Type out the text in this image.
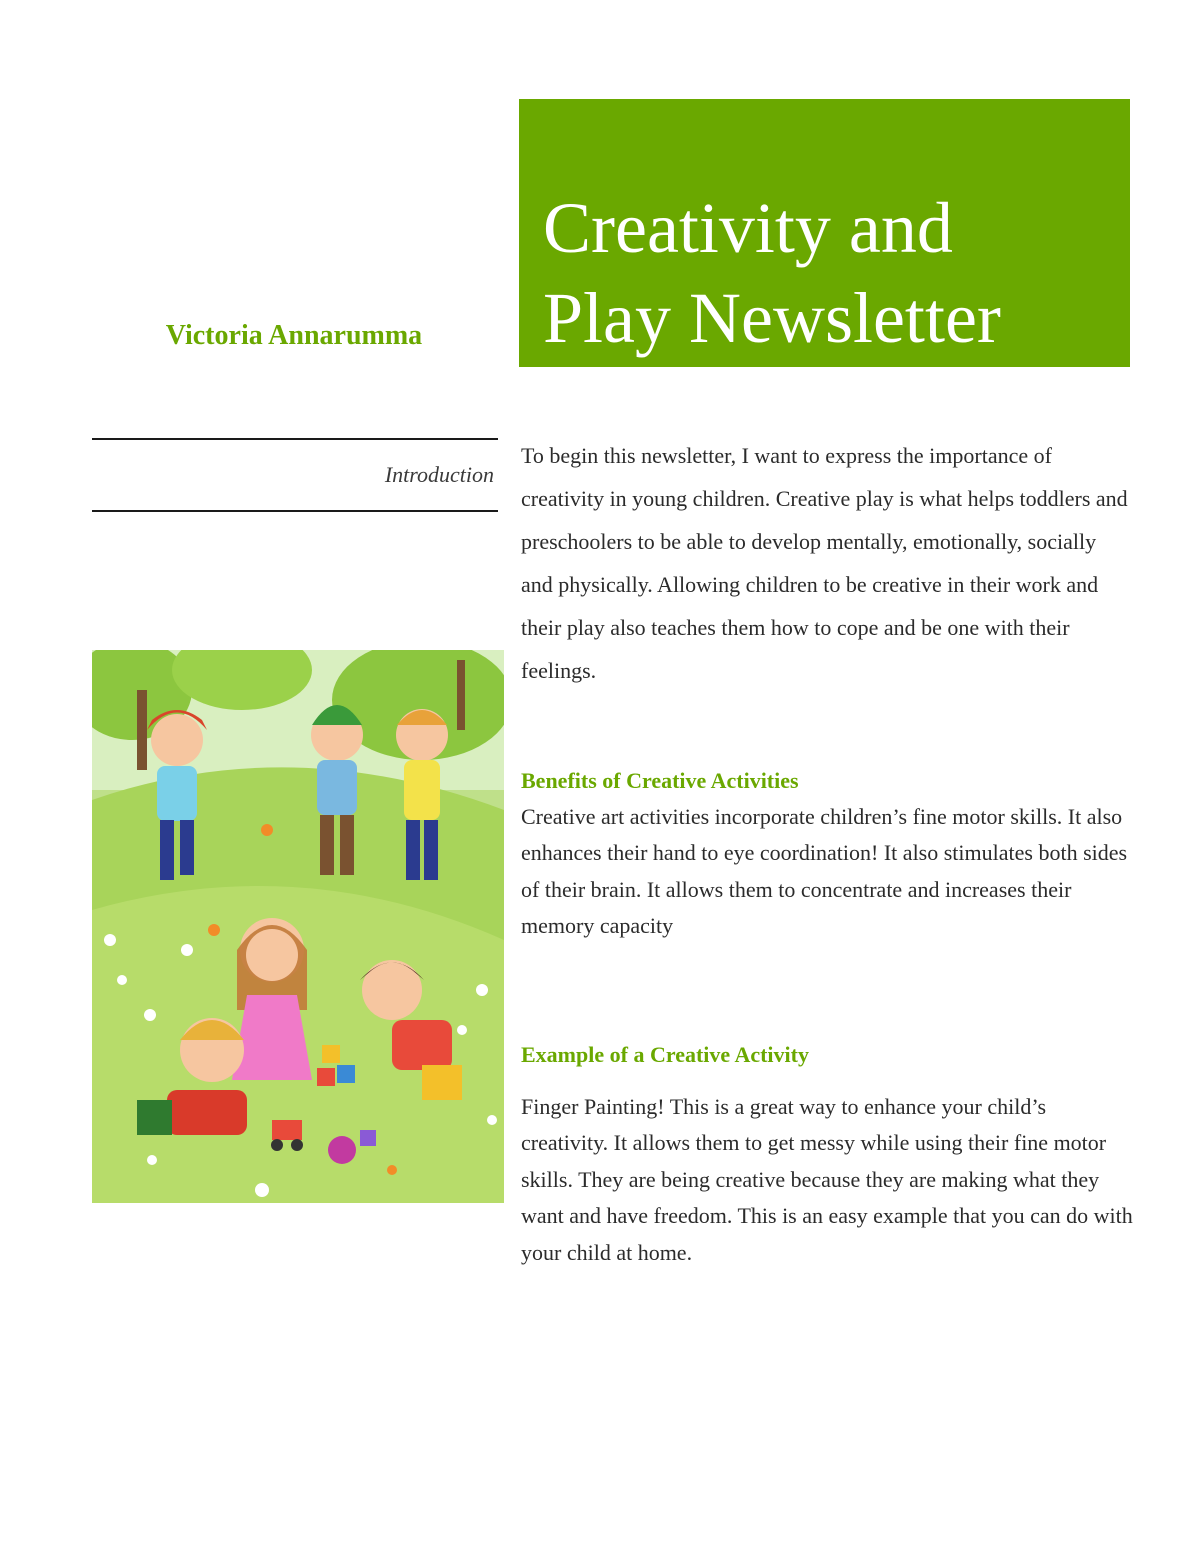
Creativity and
Play Newsletter
Victoria Annarumma
Introduction

To begin this newsletter, I want to express the importance of creativity in young children. Creative play is what helps toddlers and preschoolers to be able to develop mentally, emotionally, socially and physically. Allowing children to be creative in their work and their play also teaches them how to cope and be one with their feelings.

Benefits of Creative Activities

Creative art activities incorporate children’s fine motor skills. It also enhances their hand to eye coordination! It also stimulates both sides of their brain. It allows them to concentrate and increases their memory capacity

Example of a Creative Activity

Finger Painting! This is a great way to enhance your child’s creativity. It allows them to get messy while using their fine motor skills. They are being creative because they are making what they want and have freedom. This is an easy example that you can do with your child at home.
